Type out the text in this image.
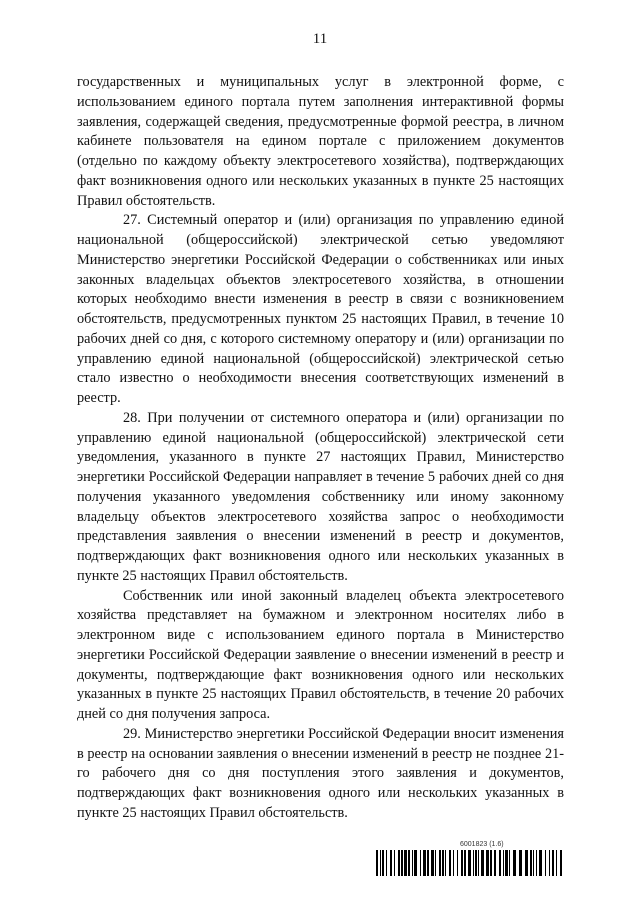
11

государственных и муниципальных услуг в электронной форме, с использованием единого портала путем заполнения интерактивной формы заявления, содержащей сведения, предусмотренные формой реестра, в личном кабинете пользователя на едином портале с приложением документов (отдельно по каждому объекту электросетевого хозяйства), подтверждающих факт возникновения одного или нескольких указанных в пункте 25 настоящих Правил обстоятельств.

27. Системный оператор и (или) организация по управлению единой национальной (общероссийской) электрической сетью уведомляют Министерство энергетики Российской Федерации о собственниках или иных законных владельцах объектов электросетевого хозяйства, в отношении которых необходимо внести изменения в реестр в связи с возникновением обстоятельств, предусмотренных пунктом 25 настоящих Правил, в течение 10 рабочих дней со дня, с которого системному оператору и (или) организации по управлению единой национальной (общероссийской) электрической сетью стало известно о необходимости внесения соответствующих изменений в реестр.

28. При получении от системного оператора и (или) организации по управлению единой национальной (общероссийской) электрической сети уведомления, указанного в пункте 27 настоящих Правил, Министерство энергетики Российской Федерации направляет в течение 5 рабочих дней со дня получения указанного уведомления собственнику или иному законному владельцу объектов электросетевого хозяйства запрос о необходимости представления заявления о внесении изменений в реестр и документов, подтверждающих факт возникновения одного или нескольких указанных в пункте 25 настоящих Правил обстоятельств.

Собственник или иной законный владелец объекта электросетевого хозяйства представляет на бумажном и электронном носителях либо в электронном виде с использованием единого портала в Министерство энергетики Российской Федерации заявление о внесении изменений в реестр и документы, подтверждающие факт возникновения одного или нескольких указанных в пункте 25 настоящих Правил обстоятельств, в течение 20 рабочих дней со дня получения запроса.

29. Министерство энергетики Российской Федерации вносит изменения в реестр на основании заявления о внесении изменений в реестр не позднее 21-го рабочего дня со дня поступления этого заявления и документов, подтверждающих факт возникновения одного или нескольких указанных в пункте 25 настоящих Правил обстоятельств.

6001823 (1.6)
